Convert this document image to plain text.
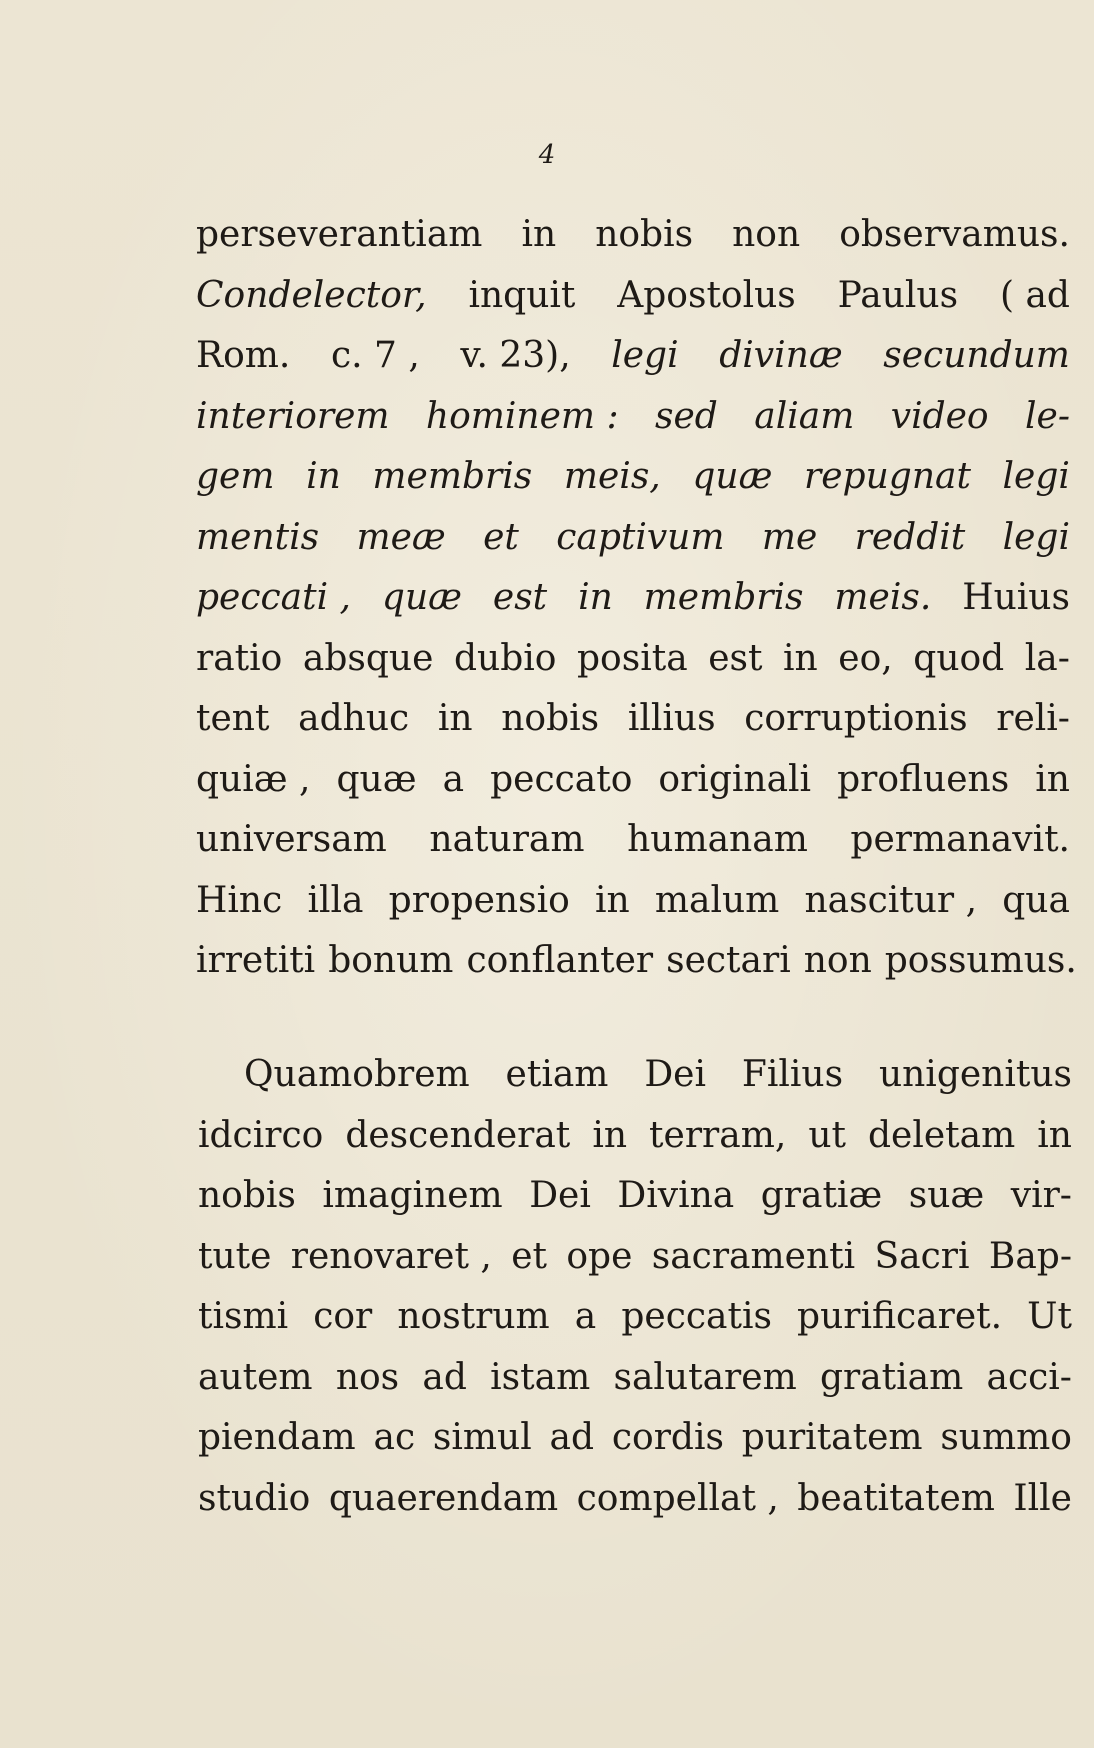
4
perseverantiam in nobis non observamus.
Condelector, inquit Apostolus Paulus ( ad
Rom. c. 7 , v. 23), legi divinæ secundum
interiorem hominem : sed aliam video le-
gem in membris meis, quæ repugnat legi
mentis meæ et captivum me reddit legi
peccati , quæ est in membris meis. Huius
ratio absque dubio posita est in eo, quod la-
tent adhuc in nobis illius corruptionis reli-
quiæ , quæ a peccato originali profluens in
universam naturam humanam permanavit.
Hinc illa propensio in malum nascitur , qua
irretiti bonum conflanter sectari non possumus.
Quamobrem etiam Dei Filius unigenitus
idcirco descenderat in terram, ut deletam in
nobis imaginem Dei Divina gratiæ suæ vir-
tute renovaret , et ope sacramenti Sacri Bap-
tismi cor nostrum a peccatis purificaret. Ut
autem nos ad istam salutarem gratiam acci-
piendam ac simul ad cordis puritatem summo
studio quaerendam compellat , beatitatem Ille
